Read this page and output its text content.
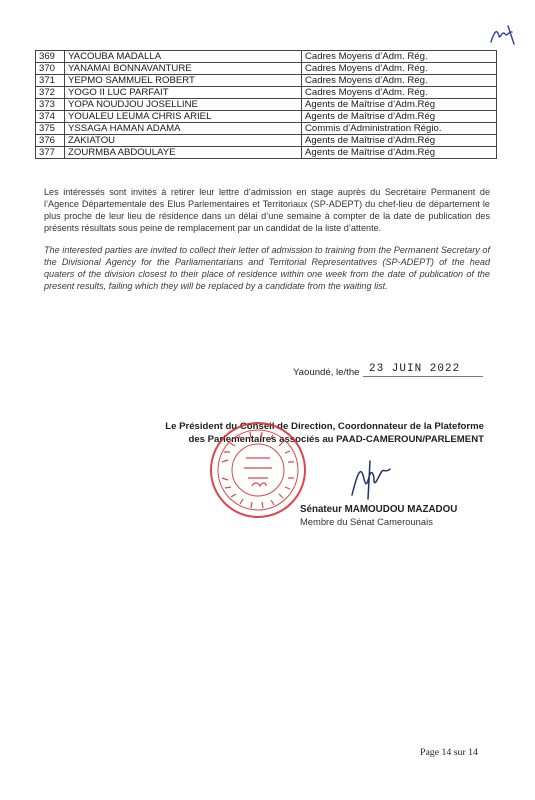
369	YACOUBA MADALLA	Cadres Moyens d’Adm. Rég.
370	YANAMAI BONNAVANTURE	Cadres Moyens d’Adm. Rég.
371	YEPMO SAMMUEL ROBERT	Cadres Moyens d’Adm. Rég.
372	YOGO II LUC PARFAIT	Cadres Moyens d’Adm. Rég.
373	YOPA NOUDJOU JOSELLINE	Agents de Maîtrise d’Adm.Rég
374	YOUALEU LEUMA CHRIS ARIEL	Agents de Maîtrise d’Adm.Rég
375	YSSAGA HAMAN ADAMA	Commis d’Administration Régio.
376	ZAKIATOU	Agents de Maîtrise d’Adm.Rég
377	ZOURMBA ABDOULAYE	Agents de Maîtrise d’Adm.Rég

Les intéressés sont invités à retirer leur lettre d’admission en stage auprès du Secrétaire Permanent de l’Agence Départementale des Elus Parlementaires et Territoriaux (SP-ADEPT) du chef-lieu de département le plus proche de leur lieu de résidence dans un délai d’une semaine à compter de la date de publication des présents résultats sous peine de remplacement par un candidat de la liste d’attente.

The interested parties are invited to collect their letter of admission to training from the Permanent Secretary of the Divisional Agency for the Parliamentarians and Territorial Representatives (SP-ADEPT) of the head quaters of the division closest to their place of residence within one week from the date of publication of the present results, failing which they will be replaced by a candidate from the waiting list.

Yaoundé, le/the 23 JUIN 2022
Le Président du Conseil de Direction, Coordonnateur de la Plateforme
des Parlementaires associés au PAAD-CAMEROUN/PARLEMENT
Sénateur MAMOUDOU MAZADOU
Membre du Sénat Camerounais
Page 14 sur 14
